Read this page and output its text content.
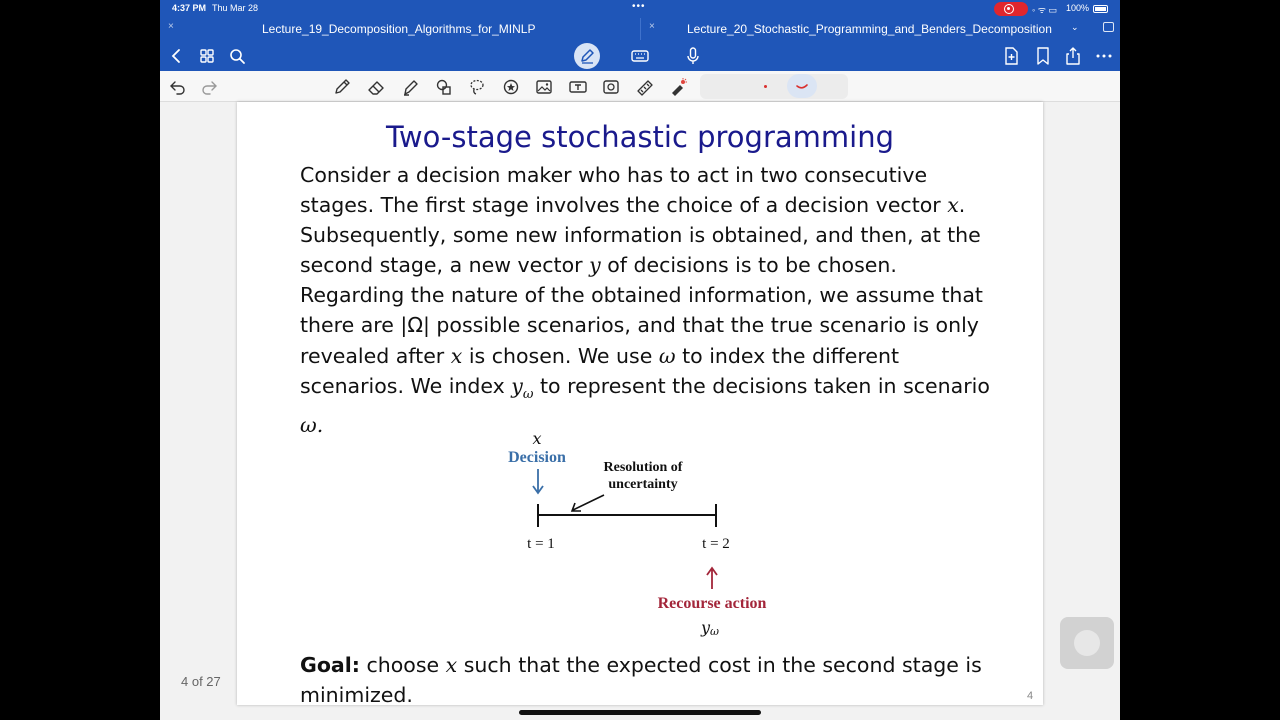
4:37 PM Thu Mar 28	•••	◦ ᯤ ▭ 100%
×	Lecture_19_Decomposition_Algorithms_for_MINLP	×	Lecture_20_Stochastic_Programming_and_Benders_Decomposition ⌄
Two-stage stochastic programming
Consider a decision maker who has to act in two consecutive
stages. The first stage involves the choice of a decision vector x.
Subsequently, some new information is obtained, and then, at the
second stage, a new vector y of decisions is to be chosen.
Regarding the nature of the obtained information, we assume that
there are |Ω| possible scenarios, and that the true scenario is only
revealed after x is chosen. We use ω to index the different
scenarios. We index $y_\omega$ to represent the decisions taken in scenario
ω.
x
Decision
Resolution of
uncertainty
t = 1	t = 2
Recourse action
yω
Goal: choose x such that the expected cost in the second stage is
minimized.	4
4 of 27
